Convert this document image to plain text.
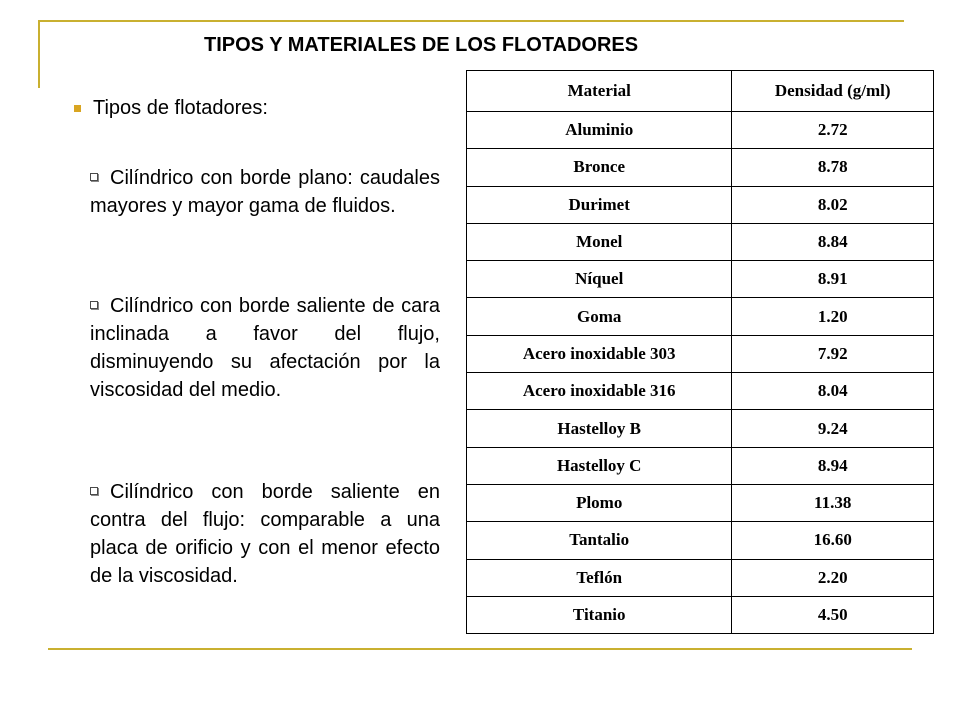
TIPOS Y MATERIALES DE LOS FLOTADORES
Tipos de flotadores:
Cilíndrico con borde plano: caudales mayores y mayor gama de fluidos.
Cilíndrico con borde saliente de cara inclinada a favor del flujo, disminuyendo su afectación por la viscosidad del medio.
Cilíndrico con borde saliente en contra del flujo: comparable a una placa de orificio y con el menor efecto de la viscosidad.
Material	Densidad (g/ml)
Aluminio	2.72
Bronce	8.78
Durimet	8.02
Monel	8.84
Níquel	8.91
Goma	1.20
Acero inoxidable 303	7.92
Acero inoxidable 316	8.04
Hastelloy B	9.24
Hastelloy C	8.94
Plomo	11.38
Tantalio	16.60
Teflón	2.20
Titanio	4.50
